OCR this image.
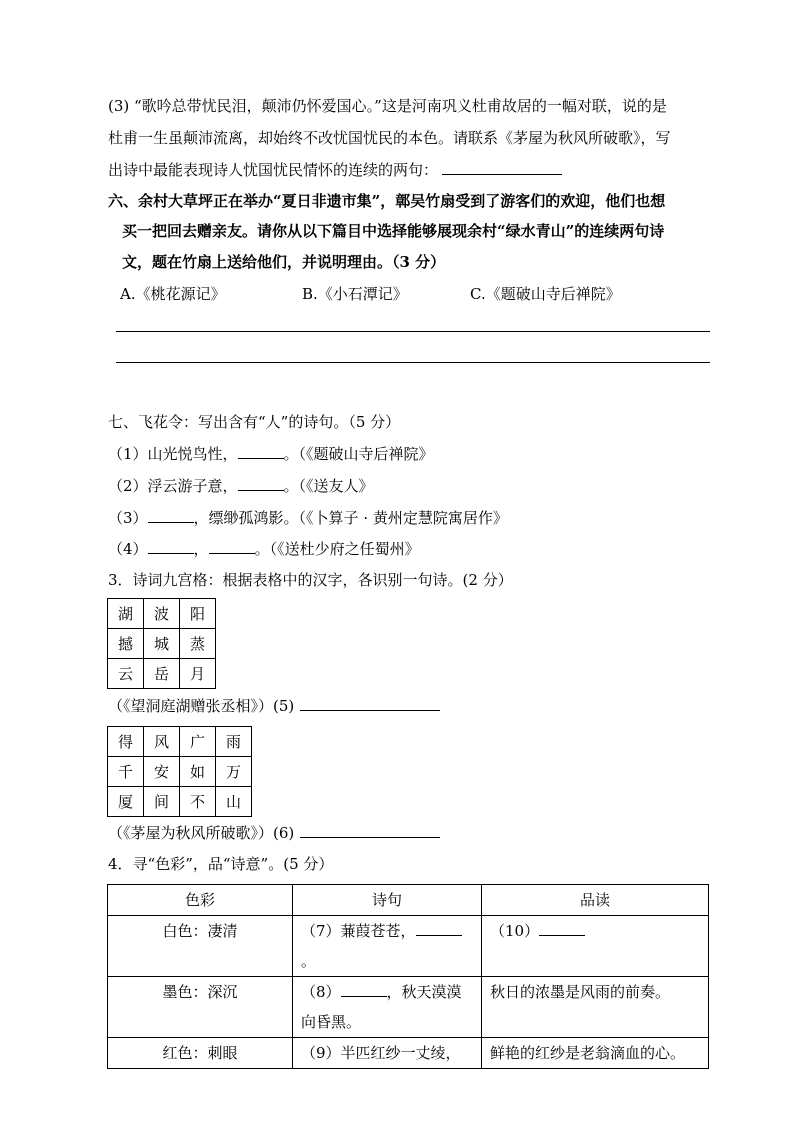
(3) “歌吟总带忧民泪，颠沛仍怀爱国心。”这是河南巩义杜甫故居的一幅对联，说的是
杜甫一生虽颠沛流离，却始终不改忧国忧民的本色。请联系《茅屋为秋风所破歌》，写
出诗中最能表现诗人忧国忧民情怀的连续的两句：
六、余村大草坪正在举办“夏日非遗市集”，鄣吴竹扇受到了游客们的欢迎，他们也想
买一把回去赠亲友。请你从以下篇目中选择能够展现余村“绿水青山”的连续两句诗
文，题在竹扇上送给他们，并说明理由。（3 分）
A.《桃花源记》	B.《小石潭记》	C.《题破山寺后禅院》
七、飞花令：写出含有“人”的诗句。（5 分）
（1）山光悦鸟性，	。（《题破山寺后禅院》
（2）浮云游子意，	。（《送友人》
（3）	，缥缈孤鸿影。（《卜算子 · 黄州定慧院寓居作》
（4）	，	。（《送杜少府之任蜀州》
3．诗词九宫格：根据表格中的汉字，各识别一句诗。(2 分）
湖	波	阳
撼	城	蒸
云	岳	月
（《望洞庭湖赠张丞相》）(5)
得	风	广	雨
千	安	如	万
厦	间	不	山
（《茅屋为秋风所破歌》）(6)
4．寻“色彩”，品“诗意”。(5 分）
色彩	诗句	品读
白色：凄清	（7）蒹葭苍苍，。	（10）
墨色：深沉	（8） ，秋天漠漠向昏黑。	秋日的浓墨是风雨的前奏。
红色：刺眼	（9）半匹红纱一丈绫，	鲜艳的红纱是老翁滴血的心。
